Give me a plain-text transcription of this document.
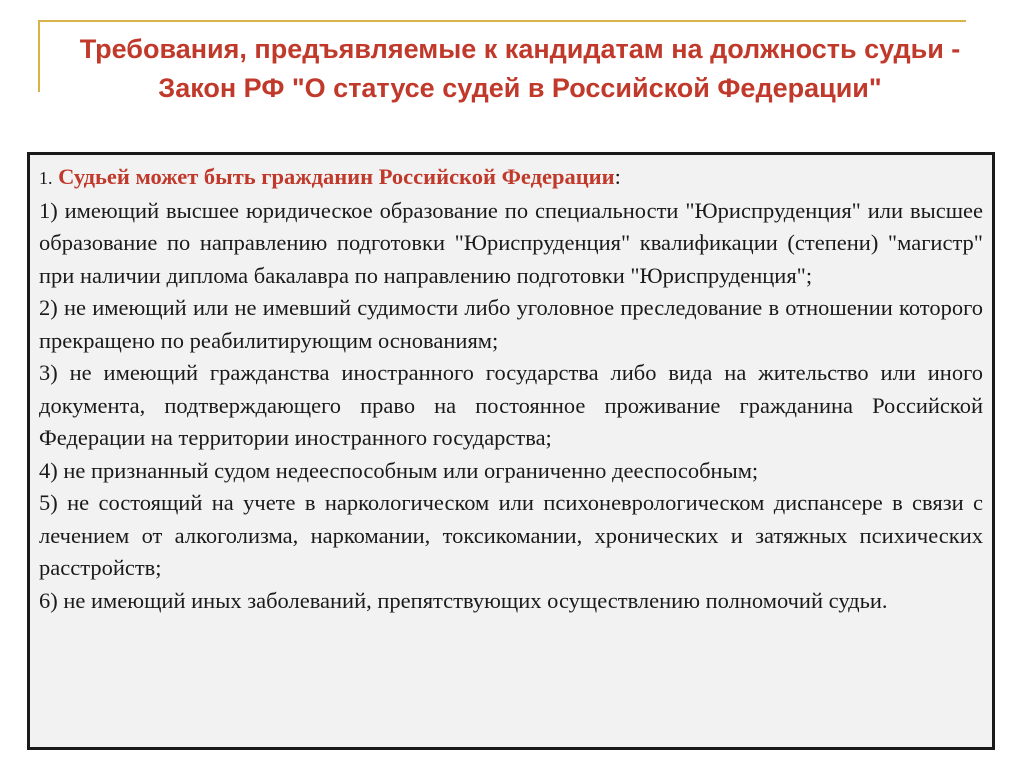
Требования, предъявляемые к кандидатам на должность судьи - Закон РФ "О статусе судей в Российской Федерации"

1. Судьей может быть гражданин Российской Федерации:

1) имеющий высшее юридическое образование по специальности "Юриспруденция" или высшее образование по направлению подготовки "Юриспруденция" квалификации (степени) "магистр" при наличии диплома бакалавра по направлению подготовки "Юриспруденция";

2) не имеющий или не имевший судимости либо уголовное преследование в отношении которого прекращено по реабилитирующим основаниям;

3) не имеющий гражданства иностранного государства либо вида на жительство или иного документа, подтверждающего право на постоянное проживание гражданина Российской Федерации на территории иностранного государства;

4) не признанный судом недееспособным или ограниченно дееспособным;

5) не состоящий на учете в наркологическом или психоневрологическом диспансере в связи с лечением от алкоголизма, наркомании, токсикомании, хронических и затяжных психических расстройств;

6) не имеющий иных заболеваний, препятствующих осуществлению полномочий судьи.
